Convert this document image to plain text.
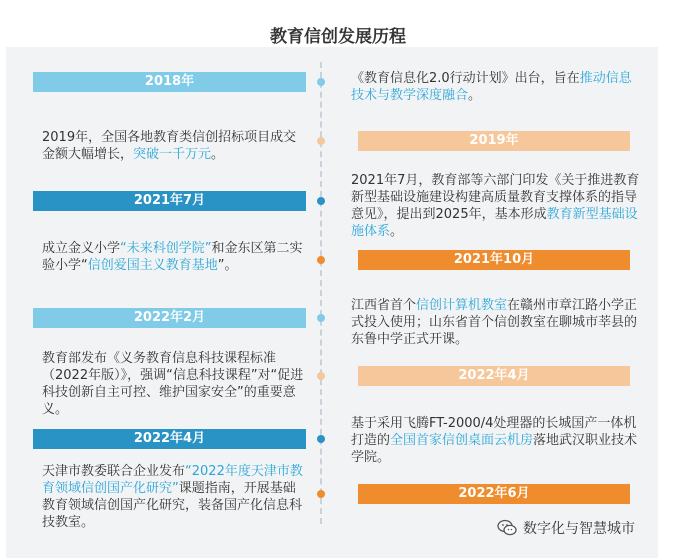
教育信创发展历程
2018年	《教育信息化2.0行动计划》出台，旨在推动信息技术与教学深度融合。
2019年
2019年，全国各地教育类信创招标项目成交金额大幅增长，突破一千万元。
2021年7月
2021年7月，教育部等六部门印发《关于推进教育新型基础设施建设构建高质量教育支撑体系的指导意见》，提出到2025年，基本形成教育新型基础设施体系。
2021年10月
成立金义小学“未来科创学院”和金东区第二实验小学“信创爱国主义教育基地”。
2022年2月
江西省首个信创计算机教室在赣州市章江路小学正式投入使用；山东省首个信创教室在聊城市莘县的东鲁中学正式开课。
2022年4月
教育部发布《义务教育信息科技课程标准（2022年版）》，强调“信息科技课程”对“促进科技创新自主可控、维护国家安全”的重要意义。
2022年4月
基于采用飞腾FT-2000/4处理器的长城国产一体机打造的全国首家信创桌面云机房落地武汉职业技术学院。
2022年6月
天津市教委联合企业发布“2022年度天津市教育领域信创国产化研究”课题指南，开展基础教育领域信创国产化研究，装备国产化信息科技教室。	数字化与智慧城市
